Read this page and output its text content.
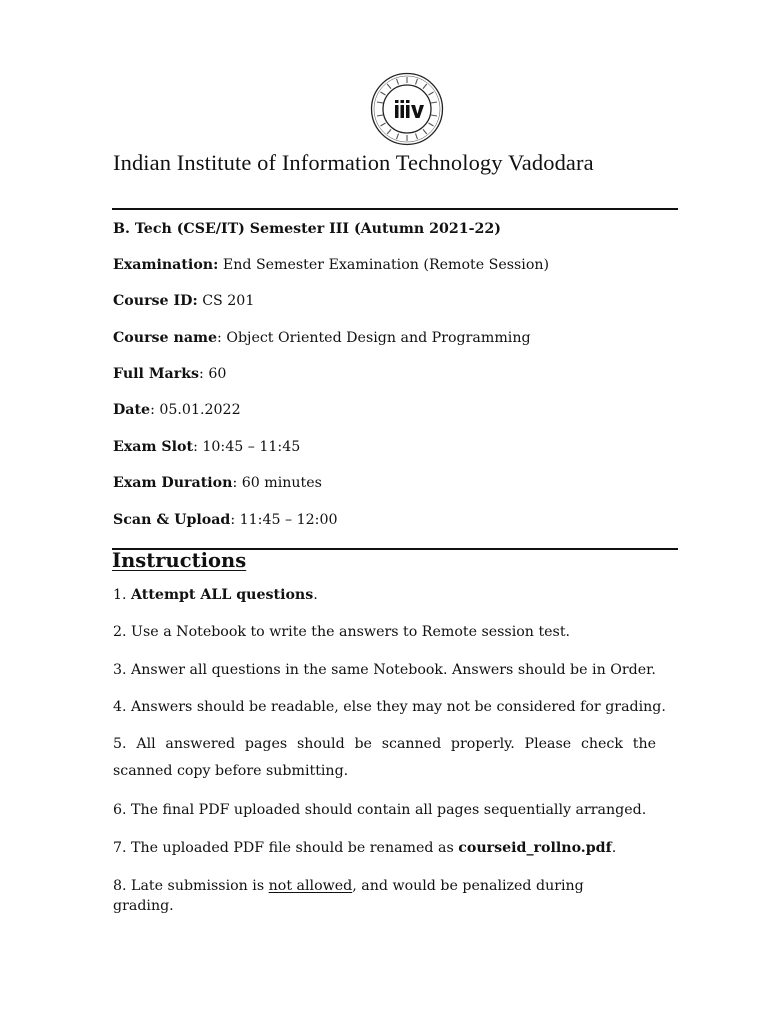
Indian Institute of Information Technology Vadodara
B. Tech (CSE/IT) Semester III (Autumn 2021-22)
Examination: End Semester Examination (Remote Session)
Course ID: CS 201
Course name: Object Oriented Design and Programming
Full Marks: 60
Date: 05.01.2022
Exam Slot: 10:45 – 11:45
Exam Duration: 60 minutes
Scan & Upload: 11:45 – 12:00
Instructions
1. Attempt ALL questions.
2. Use a Notebook to write the answers to Remote session test.
3. Answer all questions in the same Notebook. Answers should be in Order.
4. Answers should be readable, else they may not be considered for grading.
5. All answered pages should be scanned properly. Please check the scanned copy before submitting.
6. The final PDF uploaded should contain all pages sequentially arranged.
7. The uploaded PDF file should be renamed as courseid_rollno.pdf.
8. Late submission is not allowed, and would be penalized during grading.
